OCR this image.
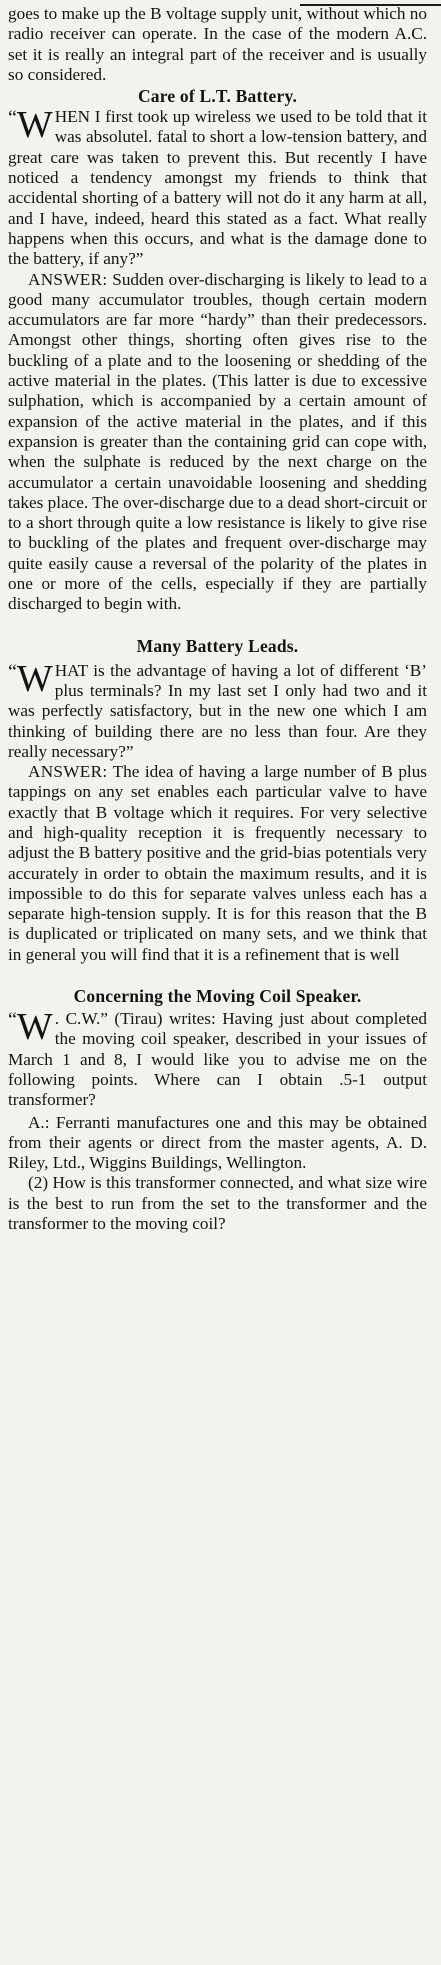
goes to make up the B voltage supply unit, without which no radio receiver can operate. In the case of the modern A.C. set it is really an integral part of the receiver and is usually so considered.

Care of L.T. Battery.
“ W HEN I first took up wireless we used to be told that it was absolutel. fatal to short a low-tension battery, and great care was taken to prevent this. But recently I have noticed a tendency amongst my friends to think that accidental shorting of a battery will not do it any harm at all, and I have, indeed, heard this stated as a fact. What really happens when this occurs, and what is the damage done to the battery, if any?”

ANSWER: Sudden over-discharging is likely to lead to a good many accumulator troubles, though certain modern accumulators are far more “hardy” than their predecessors. Amongst other things, shorting often gives rise to the buckling of a plate and to the loosening or shedding of the active material in the plates. (This latter is due to excessive sulphation, which is accompanied by a certain amount of expansion of the active material in the plates, and if this expansion is greater than the containing grid can cope with, when the sulphate is reduced by the next charge on the accumulator a certain unavoidable loosening and shedding takes place. The over-discharge due to a dead short-circuit or to a short through quite a low resistance is likely to give rise to buckling of the plates and frequent over-discharge may quite easily cause a reversal of the polarity of the plates in one or more of the cells, especially if they are partially discharged to begin with.

Many Battery Leads.
“ W HAT is the advantage of having a lot of different ‘B’ plus terminals? In my last set I only had two and it was perfectly satisfactory, but in the new one which I am thinking of building there are no less than four. Are they really necessary?”

ANSWER: The idea of having a large number of B plus tappings on any set enables each particular valve to have exactly that B voltage which it requires. For very selective and high-quality reception it is frequently necessary to adjust the B battery positive and the grid-bias potentials very accurately in order to obtain the maximum results, and it is impossible to do this for separate valves unless each has a separate high-tension supply. It is for this reason that the B is duplicated or triplicated on many sets, and we think that in general you will find that it is a refinement that is well

Concerning the Moving Coil Speaker.
“ W . C.W.” (Tirau) writes: Having just about completed the moving coil speaker, described in your issues of March 1 and 8, I would like you to advise me on the following points. Where can I obtain .5-1 output transformer?

A.: Ferranti manufactures one and this may be obtained from their agents or direct from the master agents, A. D. Riley, Ltd., Wiggins Buildings, Wellington.

(2) How is this transformer connected, and what size wire is the best to run from the set to the transformer and the transformer to the moving coil?
